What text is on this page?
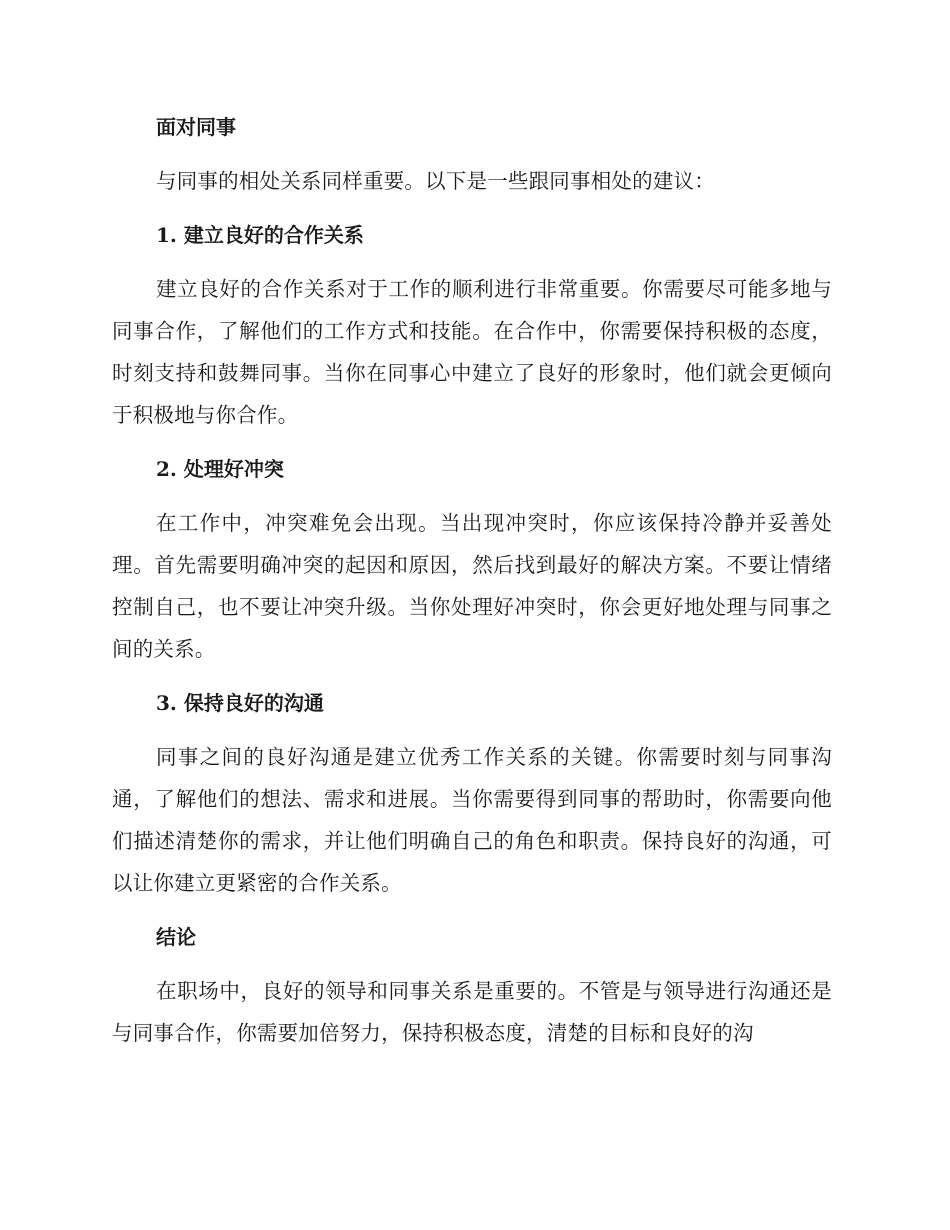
面对同事

与同事的相处关系同样重要。以下是一些跟同事相处的建议：

1. 建立良好的合作关系

建立良好的合作关系对于工作的顺利进行非常重要。你需要尽可能多地与同事合作，了解他们的工作方式和技能。在合作中，你需要保持积极的态度，时刻支持和鼓舞同事。当你在同事心中建立了良好的形象时，他们就会更倾向于积极地与你合作。

2. 处理好冲突

在工作中，冲突难免会出现。当出现冲突时，你应该保持冷静并妥善处理。首先需要明确冲突的起因和原因，然后找到最好的解决方案。不要让情绪控制自己，也不要让冲突升级。当你处理好冲突时，你会更好地处理与同事之间的关系。

3. 保持良好的沟通

同事之间的良好沟通是建立优秀工作关系的关键。你需要时刻与同事沟通，了解他们的想法、需求和进展。当你需要得到同事的帮助时，你需要向他们描述清楚你的需求，并让他们明确自己的角色和职责。保持良好的沟通，可以让你建立更紧密的合作关系。

结论

在职场中，良好的领导和同事关系是重要的。不管是与领导进行沟通还是与同事合作，你需要加倍努力，保持积极态度，清楚的目标和良好的沟
